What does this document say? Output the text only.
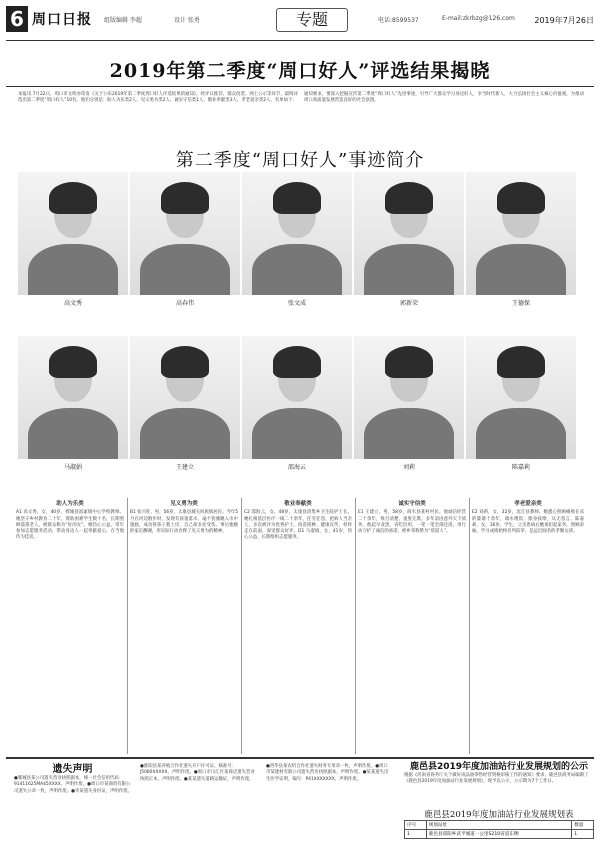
6 周口日报 组版编辑 李超	设计 张勇	专题	电话:8599537	E-mail:zkrbzg@126.com 2019年7月26日
2019年第二季度“周口好人”评选结果揭晓
本报讯 7月22日，周口市文明办印发《关于公布2019年第二季度周口好人评选结果的通知》，经评议推荐、群众投票、网上公示等环节，最终评选出第二季度“周口好人”10名。他们分别是：助人为乐类2人、见义勇为类2人、诚实守信类1人、敬业奉献类3人、孝老爱亲类2人。名单如下：
通知要求，要深入挖掘宣传第二季度“周口好人”先进事迹，引导广大群众学习身边好人，争当时代新人，大力弘扬社会主义核心价值观，为推动周口高质量发展营造良好的社会氛围。
第二季度“周口好人”事迹简介
高文秀	高春伟	张文成	郭新荣	王德保
马淑娟	王建立	邵海云	刘莉	陈嘉莉
助人为乐类
A1 高文秀，女，40岁，郸城县汲冢镇中心学校教师。她坚守乡村教育二十年，资助困难学生数十名，长期照顾孤寡老人，被群众称为“好闺女”。她热心公益，常年参加志愿服务活动，带动身边人一起奉献爱心，在当地传为佳话。
见义勇为类
B1 张兴旺，男，56岁，太康县城关回族镇居民。今年5月在河边散步时，发现有孩童落水，毫不犹豫跳入水中施救，成功将孩子救上岸，自己却多处受伤。事后他婉拒家长酬谢，用实际行动诠释了见义勇为的精神。
敬业奉献类
C2 邵海云，女，48岁，太康县清集乡卫生院护士长。她扎根基层医疗一线二十余年，任劳任怨，把病人当亲人，多次被评为优秀护士。疫苗接种、健康宣传，样样走在前面，深受群众好评。D1 马淑娟，女，41岁，热心公益，长期组织志愿服务。
诚实守信类
E1 王建立，男，58岁，商水县某村村民。他诚信经营二十余年，账目清楚、童叟无欺。多年前因意外欠下债务，他起早贪黑、省吃俭用，一笔一笔全部还清，用行动守护了诚信的承诺，被乡邻称赞为“厚道人”。
孝老爱亲类
E2 刘莉，女，32岁，沈丘县教师。她悉心照顾瘫痪在床的婆婆十余年，端水喂饭、擦身按摩，从无怨言。陈嘉莉，女，16岁，学生，父亲患病后她承担起家务，照顾弟妹，学习成绩始终名列前茅，是远近闻名的孝顺女孩。
遗失声明
●郸城县某公司遗失营业执照副本，统一社会信用代码：91411625MA45XXXX，声明作废。●周口市某商贸有限公司遗失公章一枚，声明作废。●李某遗失身份证，声明作废。
●淮阳县某养殖合作社遗失开户许可证，核准号：J5080XXXXX，声明作废。●周口市川汇区某商店遗失营业执照正本，声明作废。●某某遗失道路运输证，声明作废。
●西华县某农机合作社遗失财务专用章一枚，声明作废。●周口市某建材有限公司遗失营业执照副本，声明作废。●某某遗失出生医学证明，编号：P41XXXXXXX，声明作废。
鹿邑县2019年度加油站行业发展规划的公示
根据《河南省商务厅关于做好成品油零售经营资格审核工作的通知》要求，鹿邑县商务局编制了《鹿邑县2019年度加油站行业发展规划》，现予以公示，公示期为7个工作日。
鹿邑县2019年度加油站行业发展规划表
序号	规划站址	数量
1	鹿邑县郑阳乡武平城道一公里S210省道东侧	1
